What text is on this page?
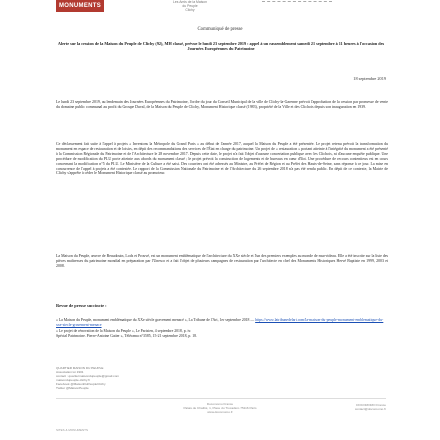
MONUMENTS
Les Amis de la Maison
du Peuple
Clichy
Communiqué de presse
Alerte sur la cession de la Maison du Peuple de Clichy (92), MH classé, prévue le lundi 23 septembre 2019 : appel à un rassemblement samedi 21 septembre à 11 heures à l'occasion des Journées Européennes du Patrimoine
18 septembre 2019
Le lundi 23 septembre 2019, au lendemain des Journées Européennes du Patrimoine, l'ordre du jour du Conseil Municipal de la ville de Clichy-la-Garenne prévoit l'approbation de la cession par promesse de vente du domaine public communal au profit du Groupe Duval, de la Maison du Peuple de Clichy, Monument Historique classé (1983), propriété de la Ville et des Clichois depuis son inauguration en 1939.
Ce déclassement fait suite à l'appel à projets « Inventons la Métropole du Grand Paris » au début de l'année 2017, auquel la Maison du Peuple a été présentée. Le projet retenu prévoit la transformation du monument en espace de restauration et de loisirs, en dépit des recommandations des services de l'État en charge du patrimoine. Un projet de « restauration » portant atteinte à l'intégrité du monument a été présenté à la Commission Régionale du Patrimoine et de l'Architecture le 28 novembre 2017. Depuis cette date, le projet n'a fait l'objet d'aucune concertation publique avec les Clichois, ni d'aucune enquête publique. Une procédure de modification du PLU porte atteinte aux abords du monument classé ; le projet prévoit la construction de logements et de bureaux en cœur d'îlot. Une procédure de recours contentieux est en cours concernant la modification n°5 du PLU. Le Ministère de la Culture a été saisi. Des courriers ont été adressés au Ministre, au Préfet de Région et au Préfet des Hauts-de-Seine, sans réponse à ce jour. La mise en concurrence de l'appel à projets a été contestée. Le rapport de la Commission Nationale du Patrimoine et de l'Architecture du 26 septembre 2018 n'a pas été rendu public. En dépit de ce contexte, la Mairie de Clichy s'apprête à céder le Monument Historique classé au promoteur.
La Maison du Peuple, œuvre de Beaudouin, Lods et Prouvé, est un monument emblématique de l'architecture du XXe siècle et l'un des premiers exemples au monde de mur-rideau. Elle a été inscrite sur la liste des pièces maîtresses du patrimoine mondial en préparation par l'Unesco et a fait l'objet de plusieurs campagnes de restauration par l'architecte en chef des Monuments Historiques Hervé Baptiste en 1999, 2003 et 2008.
Revue de presse succincte :
« La Maison du Peuple, monument emblématique du XXe siècle gravement menacé », La Tribune de l'Art, 1er septembre 2018 — https://www.latribunedelart.com/la-maison-du-peuple-monument-emblematique-du-xxe-siecle-gravement-menace
« Le projet de rénovation de la Maison du Peuple », Le Parisien, 4 septembre 2018, p. iv.
Spécial Patrimoine. Pierre-Antoine Gatier », Télérama n°3585, 15-21 septembre 2018, p. 18.
QUARTIER MAISON DU PEUPLE
Association loi 1901
contact : quartiermaisondupeuple@gmail.com
maisondupeuple-clichy.fr
Facebook @MaisonDuPeupleClichy
Twitter @MaisonPeuple
Docomomo France
Palais de Chaillot, 1, Place du Trocadéro 75116 Paris
www.docomomo.fr
DOCOMOMO France
contact@docomomo.fr
SITES & MONUMENTS
